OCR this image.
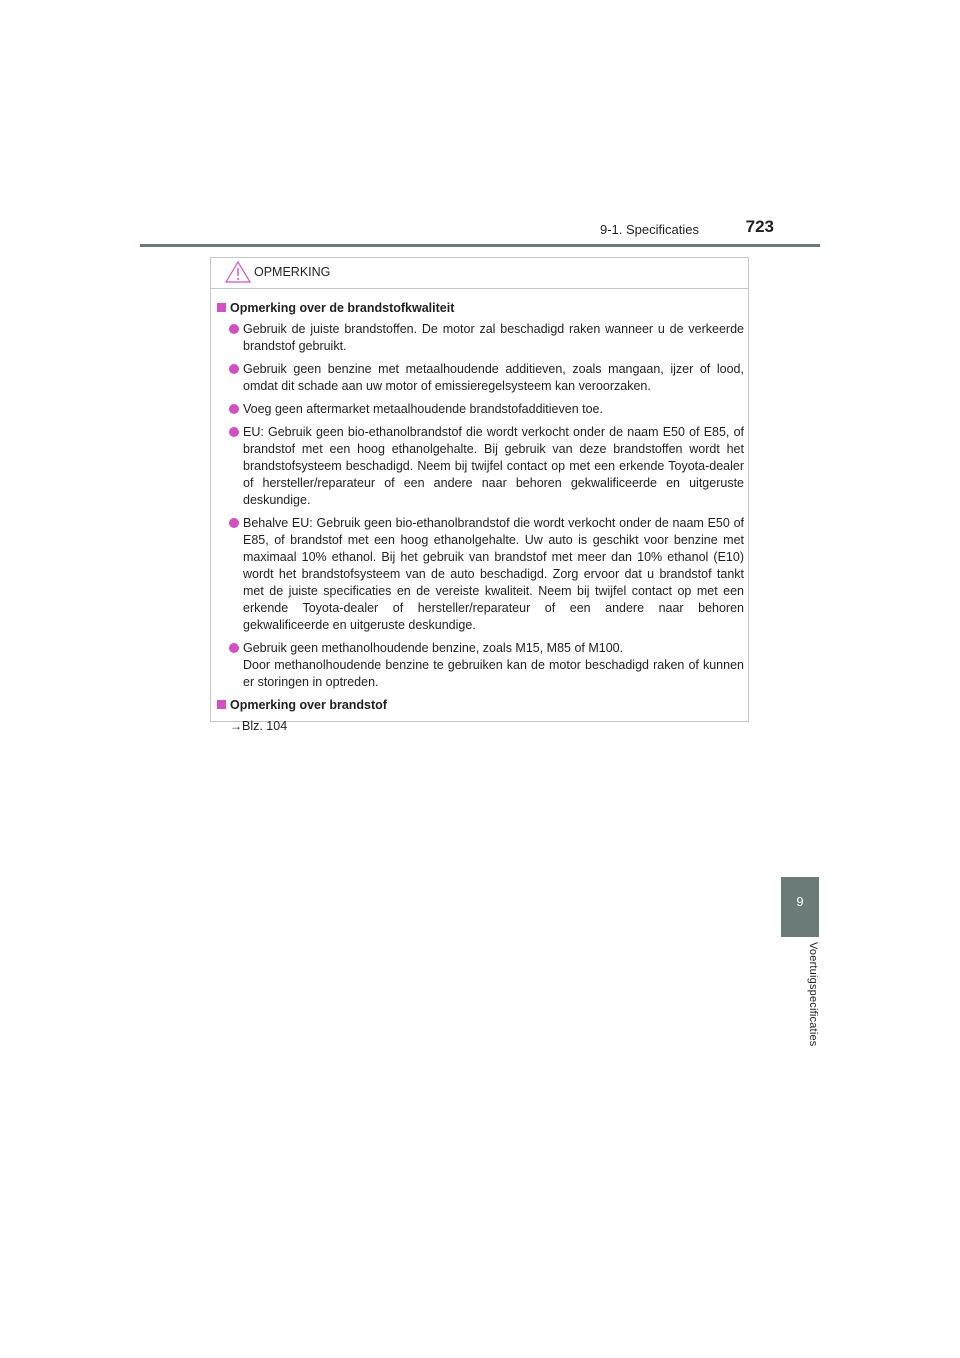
9-1. Specificaties	723
9
Voertuigspecificaties
OPMERKING
Opmerking over de brandstofkwaliteit

Gebruik de juiste brandstoffen. De motor zal beschadigd raken wanneer u de verkeerde brandstof gebruikt.

Gebruik geen benzine met metaalhoudende additieven, zoals mangaan, ijzer of lood, omdat dit schade aan uw motor of emissieregelsysteem kan veroorzaken.

Voeg geen aftermarket metaalhoudende brandstofadditieven toe.

EU: Gebruik geen bio-ethanolbrandstof die wordt verkocht onder de naam E50 of E85, of brandstof met een hoog ethanolgehalte. Bij gebruik van deze brandstoffen wordt het brandstofsysteem beschadigd. Neem bij twijfel contact op met een erkende Toyota-dealer of hersteller/reparateur of een andere naar behoren gekwalificeerde en uitgeruste deskundige.

Behalve EU: Gebruik geen bio-ethanolbrandstof die wordt verkocht onder de naam E50 of E85, of brandstof met een hoog ethanolgehalte. Uw auto is geschikt voor benzine met maximaal 10% ethanol. Bij het gebruik van brandstof met meer dan 10% ethanol (E10) wordt het brandstofsysteem van de auto beschadigd. Zorg ervoor dat u brandstof tankt met de juiste specificaties en de vereiste kwaliteit. Neem bij twijfel contact op met een erkende Toyota-dealer of hersteller/reparateur of een andere naar behoren gekwalificeerde en uitgeruste deskundige.

Gebruik geen methanolhoudende benzine, zoals M15, M85 of M100.

Door methanolhoudende benzine te gebruiken kan de motor beschadigd raken of kunnen er storingen in optreden.

Opmerking over brandstof
→Blz. 104
